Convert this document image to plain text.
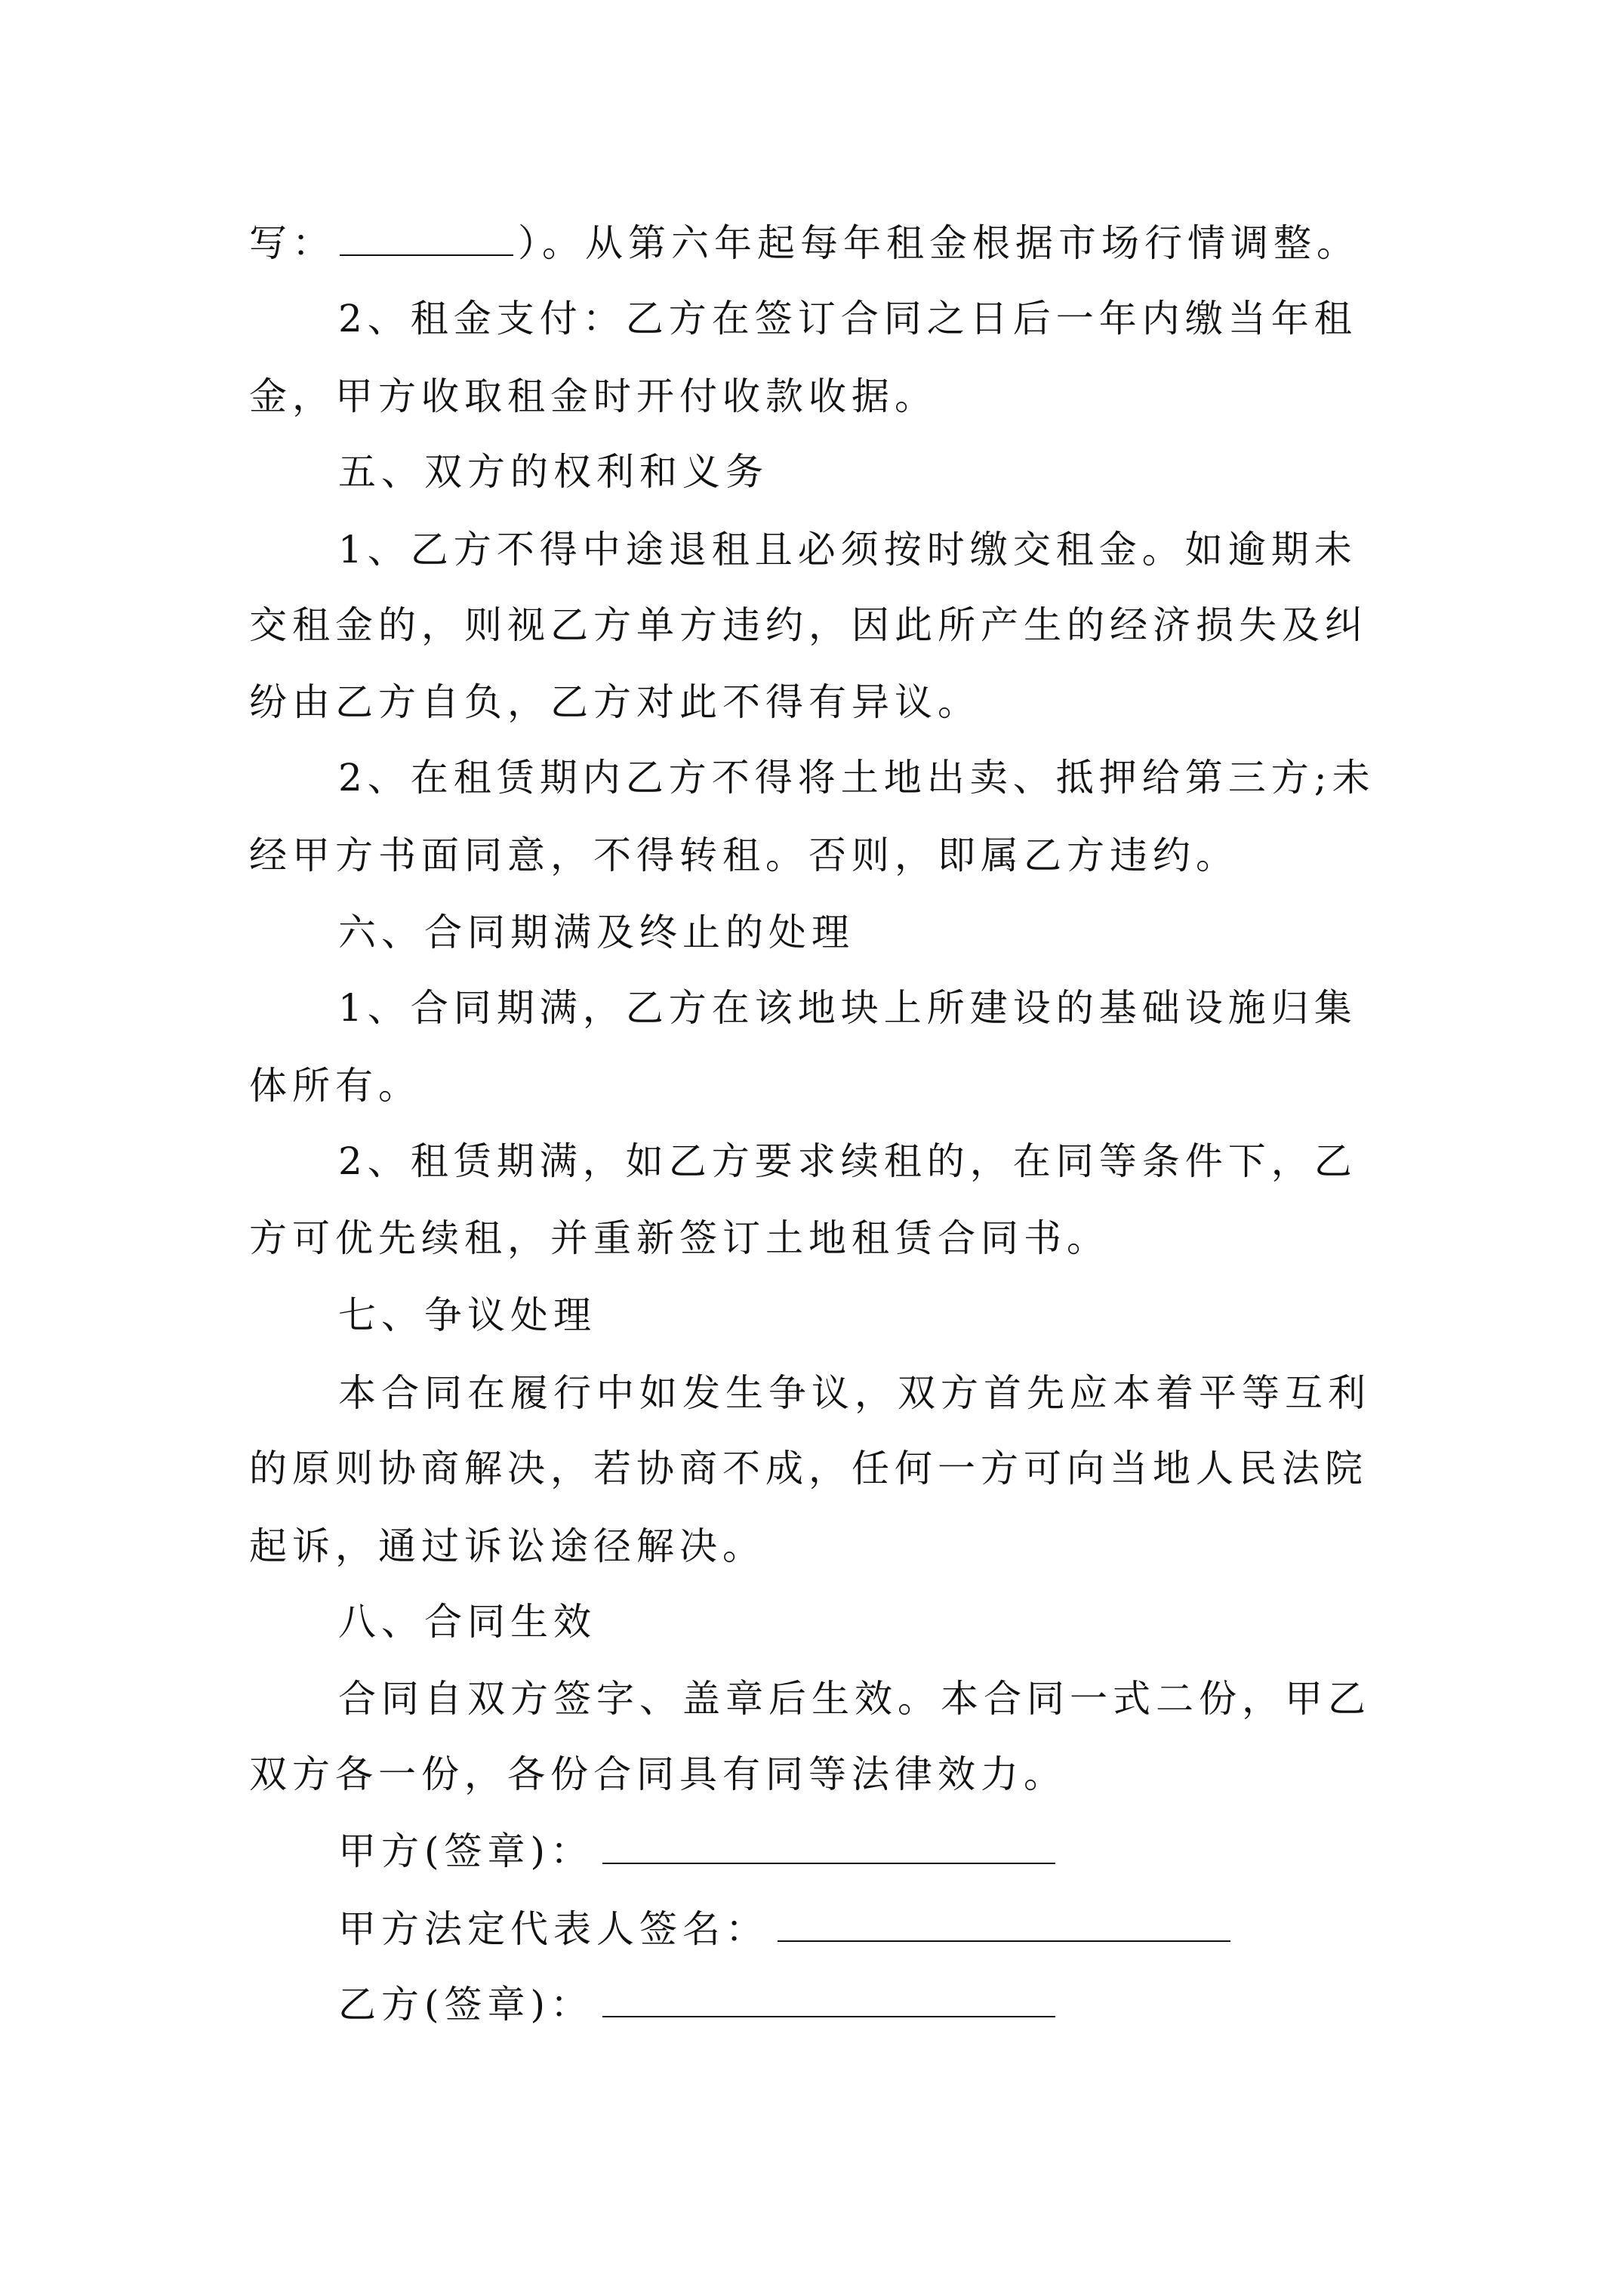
写：	）。从第六年起每年租金根据市场行情调整。
2、租金支付：乙方在签订合同之日后一年内缴当年租
金，甲方收取租金时开付收款收据。
五、双方的权利和义务
1、乙方不得中途退租且必须按时缴交租金。如逾期未
交租金的，则视乙方单方违约，因此所产生的经济损失及纠
纷由乙方自负，乙方对此不得有异议。
2、在租赁期内乙方不得将土地出卖、抵押给第三方;未
经甲方书面同意，不得转租。否则，即属乙方违约。
六、合同期满及终止的处理
1、合同期满，乙方在该地块上所建设的基础设施归集
体所有。
2、租赁期满，如乙方要求续租的，在同等条件下，乙
方可优先续租，并重新签订土地租赁合同书。
七、争议处理
本合同在履行中如发生争议，双方首先应本着平等互利
的原则协商解决，若协商不成，任何一方可向当地人民法院
起诉，通过诉讼途径解决。
八、合同生效
合同自双方签字、盖章后生效。本合同一式二份，甲乙
双方各一份，各份合同具有同等法律效力。
甲方(签章)：
甲方法定代表人签名：
乙方(签章)：
